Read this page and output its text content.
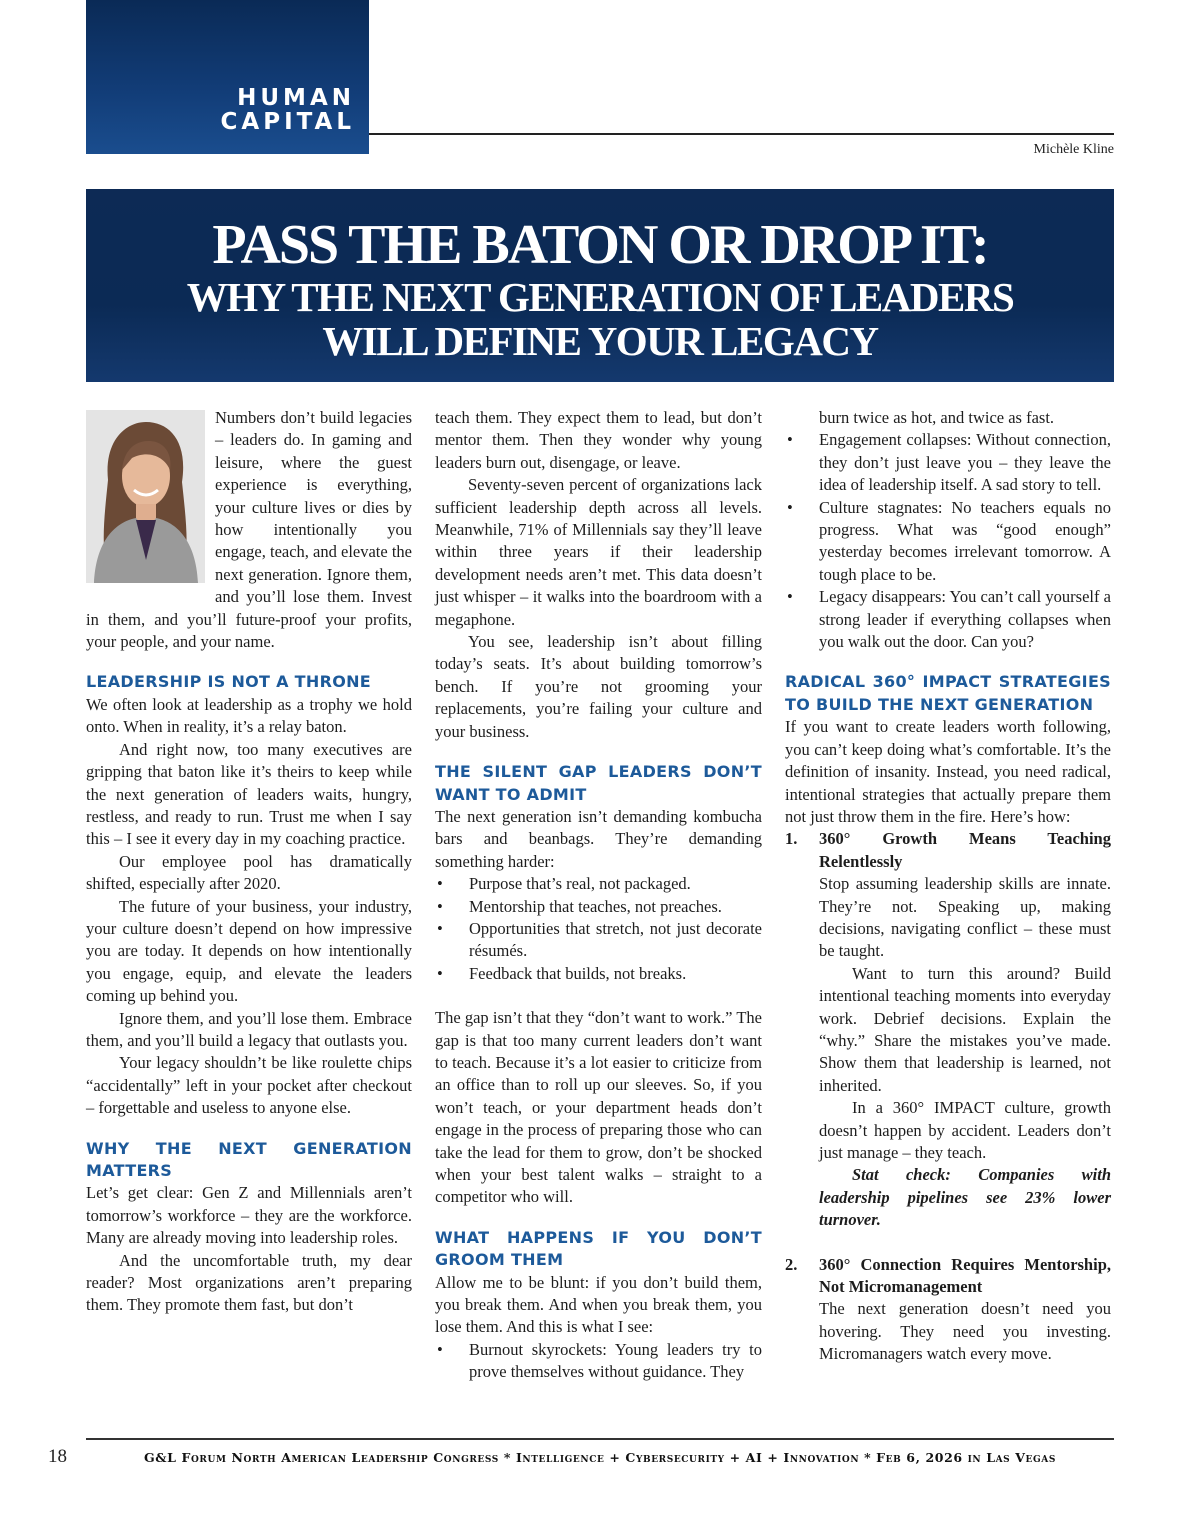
HUMAN
CAPITAL
Michèle Kline
PASS THE BATON OR DROP IT:
WHY THE NEXT GENERATION OF LEADERS
WILL DEFINE YOUR LEGACY

Numbers don’t build legacies – leaders do. In gaming and leisure, where the guest experience is everything, your culture lives or dies by how intentionally you engage, teach, and elevate the next generation. Ignore them, and you’ll lose them. Invest in them, and you’ll future-proof your profits, your people, and your name.

LEADERSHIP IS NOT A THRONE

We often look at leadership as a trophy we hold onto. When in reality, it’s a relay baton.

And right now, too many executives are gripping that baton like it’s theirs to keep while the next generation of leaders waits, hungry, restless, and ready to run. Trust me when I say this – I see it every day in my coaching practice.

Our employee pool has dramatically shifted, especially after 2020.

The future of your business, your industry, your culture doesn’t depend on how impressive you are today. It depends on how intentionally you engage, equip, and elevate the leaders coming up behind you.

Ignore them, and you’ll lose them. Embrace them, and you’ll build a legacy that outlasts you.

Your legacy shouldn’t be like roulette chips “accidentally” left in your pocket after checkout – forgettable and useless to anyone else.

WHY THE NEXT GENERATION MATTERS

Let’s get clear: Gen Z and Millennials aren’t tomorrow’s workforce – they are the workforce. Many are already moving into leadership roles.

And the uncomfortable truth, my dear reader? Most organizations aren’t preparing them. They promote them fast, but don’t

teach them. They expect them to lead, but don’t mentor them. Then they wonder why young leaders burn out, disengage, or leave.

Seventy-seven percent of organizations lack sufficient leadership depth across all levels. Meanwhile, 71% of Millennials say they’ll leave within three years if their leadership development needs aren’t met. This data doesn’t just whisper – it walks into the boardroom with a megaphone.

You see, leadership isn’t about filling today’s seats. It’s about building tomorrow’s bench. If you’re not grooming your replacements, you’re failing your culture and your business.

THE SILENT GAP LEADERS DON’T WANT TO ADMIT

The next generation isn’t demanding kombucha bars and beanbags. They’re demanding something harder:

• Purpose that’s real, not packaged.
• Mentorship that teaches, not preaches.
• Opportunities that stretch, not just decorate résumés.
• Feedback that builds, not breaks.

The gap isn’t that they “don’t want to work.” The gap is that too many current leaders don’t want to teach. Because it’s a lot easier to criticize from an office than to roll up our sleeves. So, if you won’t teach, or your department heads don’t engage in the process of preparing those who can take the lead for them to grow, don’t be shocked when your best talent walks – straight to a competitor who will.

WHAT HAPPENS IF YOU DON’T GROOM THEM

Allow me to be blunt: if you don’t build them, you break them. And when you break them, you lose them. And this is what I see:

• Burnout skyrockets: Young leaders try to prove themselves without guidance. They

burn twice as hot, and twice as fast.

• Engagement collapses: Without connection, they don’t just leave you – they leave the idea of leadership itself. A sad story to tell.
• Culture stagnates: No teachers equals no progress. What was “good enough” yesterday becomes irrelevant tomorrow. A tough place to be.
• Legacy disappears: You can’t call yourself a strong leader if everything collapses when you walk out the door. Can you?
RADICAL 360° IMPACT STRATEGIES TO BUILD THE NEXT GENERATION

If you want to create leaders worth following, you can’t keep doing what’s comfortable. It’s the definition of insanity. Instead, you need radical, intentional strategies that actually prepare them not just throw them in the fire. Here’s how:

1. 360° Growth Means Teaching Relentlessly

Stop assuming leadership skills are innate. They’re not. Speaking up, making decisions, navigating conflict – these must be taught.

Want to turn this around? Build intentional teaching moments into everyday work. Debrief decisions. Explain the “why.” Share the mistakes you’ve made. Show them that leadership is learned, not inherited.

In a 360° IMPACT culture, growth doesn’t happen by accident. Leaders don’t just manage – they teach.

Stat check: Companies with leadership pipelines see 23% lower turnover.

2. 360° Connection Requires Mentorship, Not Micromanagement

The next generation doesn’t need you hovering. They need you investing. Micromanagers watch every move.

18	G&L Forum North American Leadership Congress * Intelligence + Cybersecurity + AI + Innovation * Feb 6, 2026 in Las Vegas
